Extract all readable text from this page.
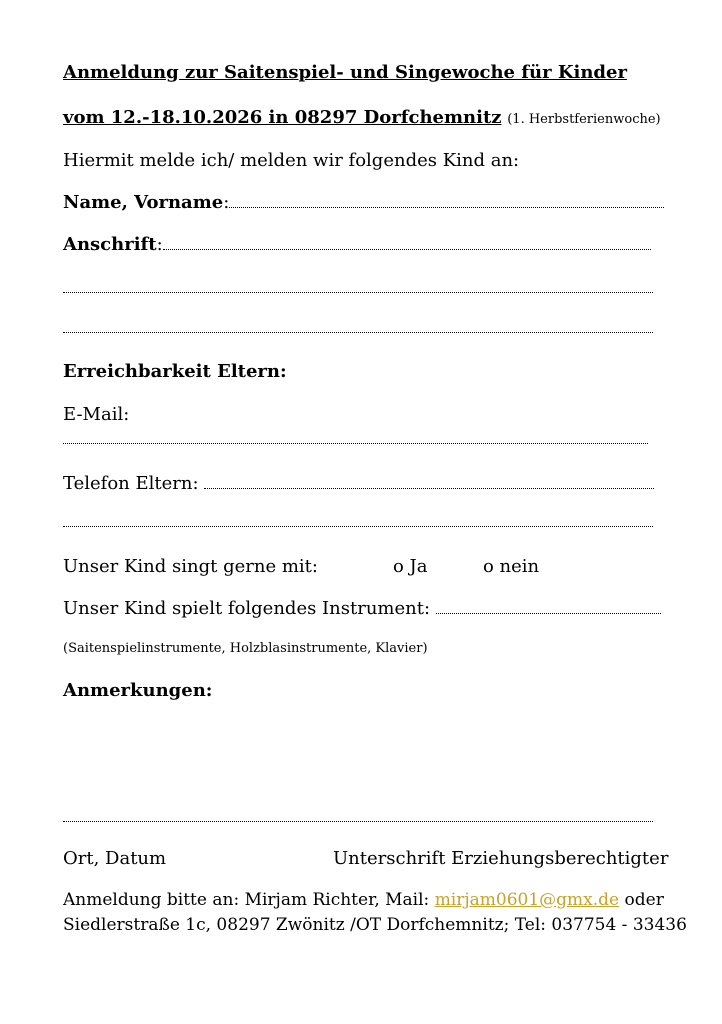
Anmeldung zur Saitenspiel- und Singewoche für Kinder
vom 12.-18.10.2026 in 08297 Dorfchemnitz (1. Herbstferienwoche)
Hiermit melde ich/ melden wir folgendes Kind an:
Name, Vorname:
Anschrift:
Erreichbarkeit Eltern:
E-Mail:
Telefon Eltern:
Unser Kind singt gerne mit:	o Ja	o nein
Unser Kind spielt folgendes Instrument:
(Saitenspielinstrumente, Holzblasinstrumente, Klavier)
Anmerkungen:
Ort, Datum	Unterschrift Erziehungsberechtigter
Anmeldung bitte an: Mirjam Richter, Mail: mirjam0601@gmx.de oder
Siedlerstraße 1c, 08297 Zwönitz /OT Dorfchemnitz; Tel: 037754 - 33436
